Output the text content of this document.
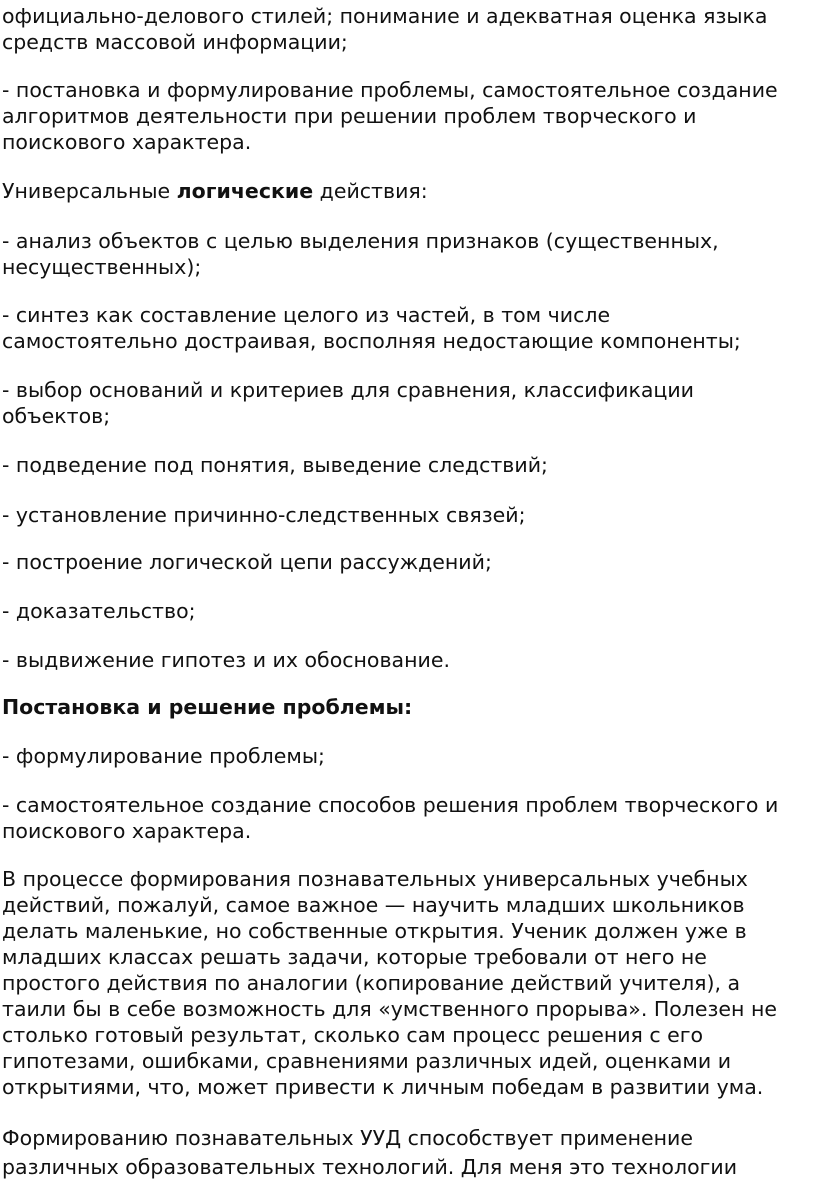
официально-делового стилей; понимание и адекватная оценка языка
средств массовой информации;
- постановка и формулирование проблемы, самостоятельное создание
алгоритмов деятельности при решении проблем творческого и
поискового характера.
Универсальные логические действия:
- анализ объектов с целью выделения признаков (существенных,
несущественных);
- синтез как составление целого из частей, в том числе
самостоятельно достраивая, восполняя недостающие компоненты;
- выбор оснований и критериев для сравнения, классификации
объектов;
- подведение под понятия, выведение следствий;
- установление причинно-следственных связей;
- построение логической цепи рассуждений;
- доказательство;
- выдвижение гипотез и их обоснование.
Постановка и решение проблемы:
- формулирование проблемы;
- самостоятельное создание способов решения проблем творческого и
поискового характера.
В процессе формирования познавательных универсальных учебных
действий, пожалуй, самое важное — научить младших школьников
делать маленькие, но собственные открытия. Ученик должен уже в
младших классах решать задачи, которые требовали от него не
простого действия по аналогии (копирование действий учителя), а
таили бы в себе возможность для «умственного прорыва». Полезен не
столько готовый результат, сколько сам процесс решения с его
гипотезами, ошибками, сравнениями различных идей, оценками и
открытиями, что, может привести к личным победам в развитии ума.
Формированию познавательных УУД способствует применение
различных образовательных технологий. Для меня это технологии
